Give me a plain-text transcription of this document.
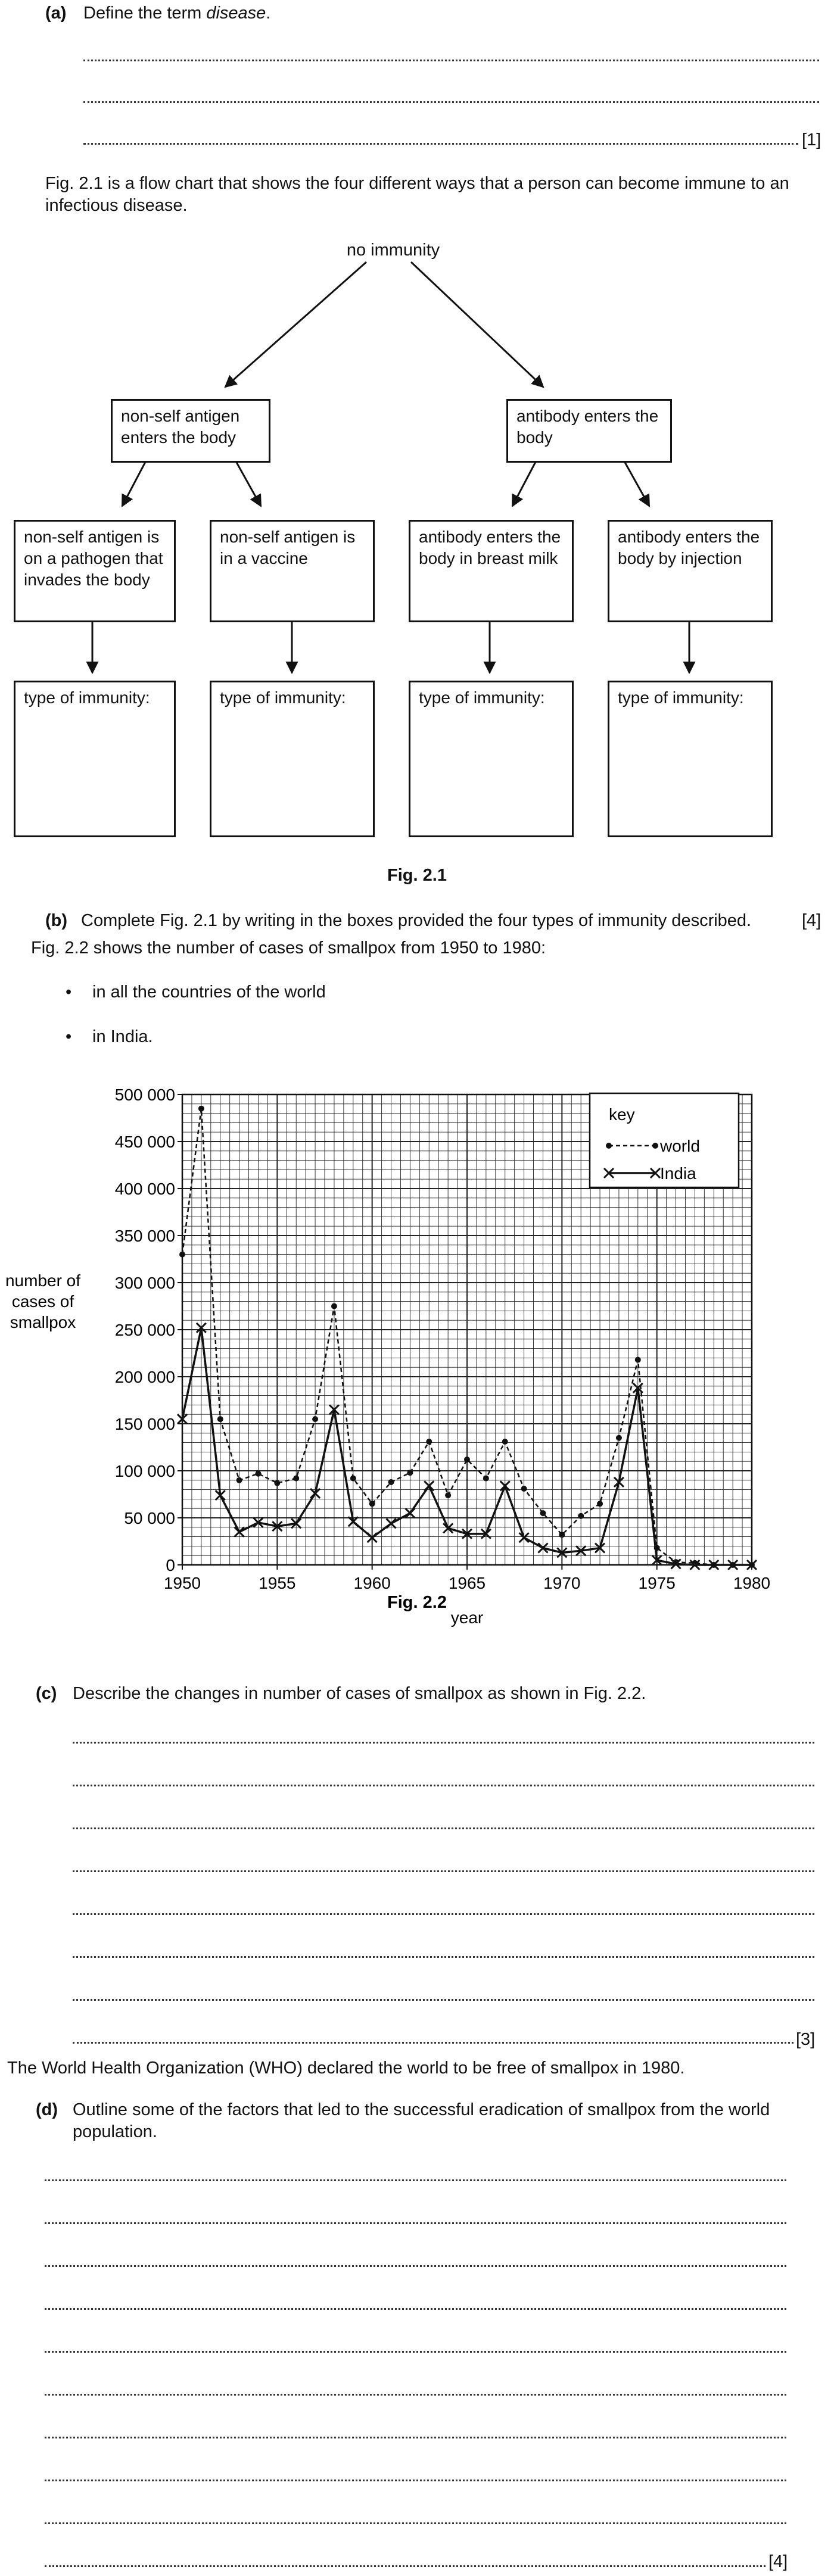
(a) Define the term disease.
[1]
Fig. 2.1 is a flow chart that shows the four different ways that a person can become immune to an infectious disease.
no immunity
non-self antigen enters the body
antibody enters the body
non-self antigen is on a pathogen that invades the body
non-self antigen is in a vaccine
antibody enters the body in breast milk
antibody enters the body by injection
type of immunity:	type of immunity:	type of immunity:	type of immunity:
Fig. 2.1
(b) Complete Fig. 2.1 by writing in the boxes provided the four types of immunity described.	[4]
Fig. 2.2 shows the number of cases of smallpox from 1950 to 1980:
• in all the countries of the world
• in India.
0
50 000
100 000
150 000
200 000
250 000
300 000
350 000
400 000
450 000
500 000
1950	1955	1960	1965	1970	1975	1980
year
number of cases of smallpox
key
world
India
Fig. 2.2
(c) Describe the changes in number of cases of smallpox as shown in Fig. 2.2.
[3]
The World Health Organization (WHO) declared the world to be free of smallpox in 1980.
(d) Outline some of the factors that led to the successful eradication of smallpox from the world population.
[4]
